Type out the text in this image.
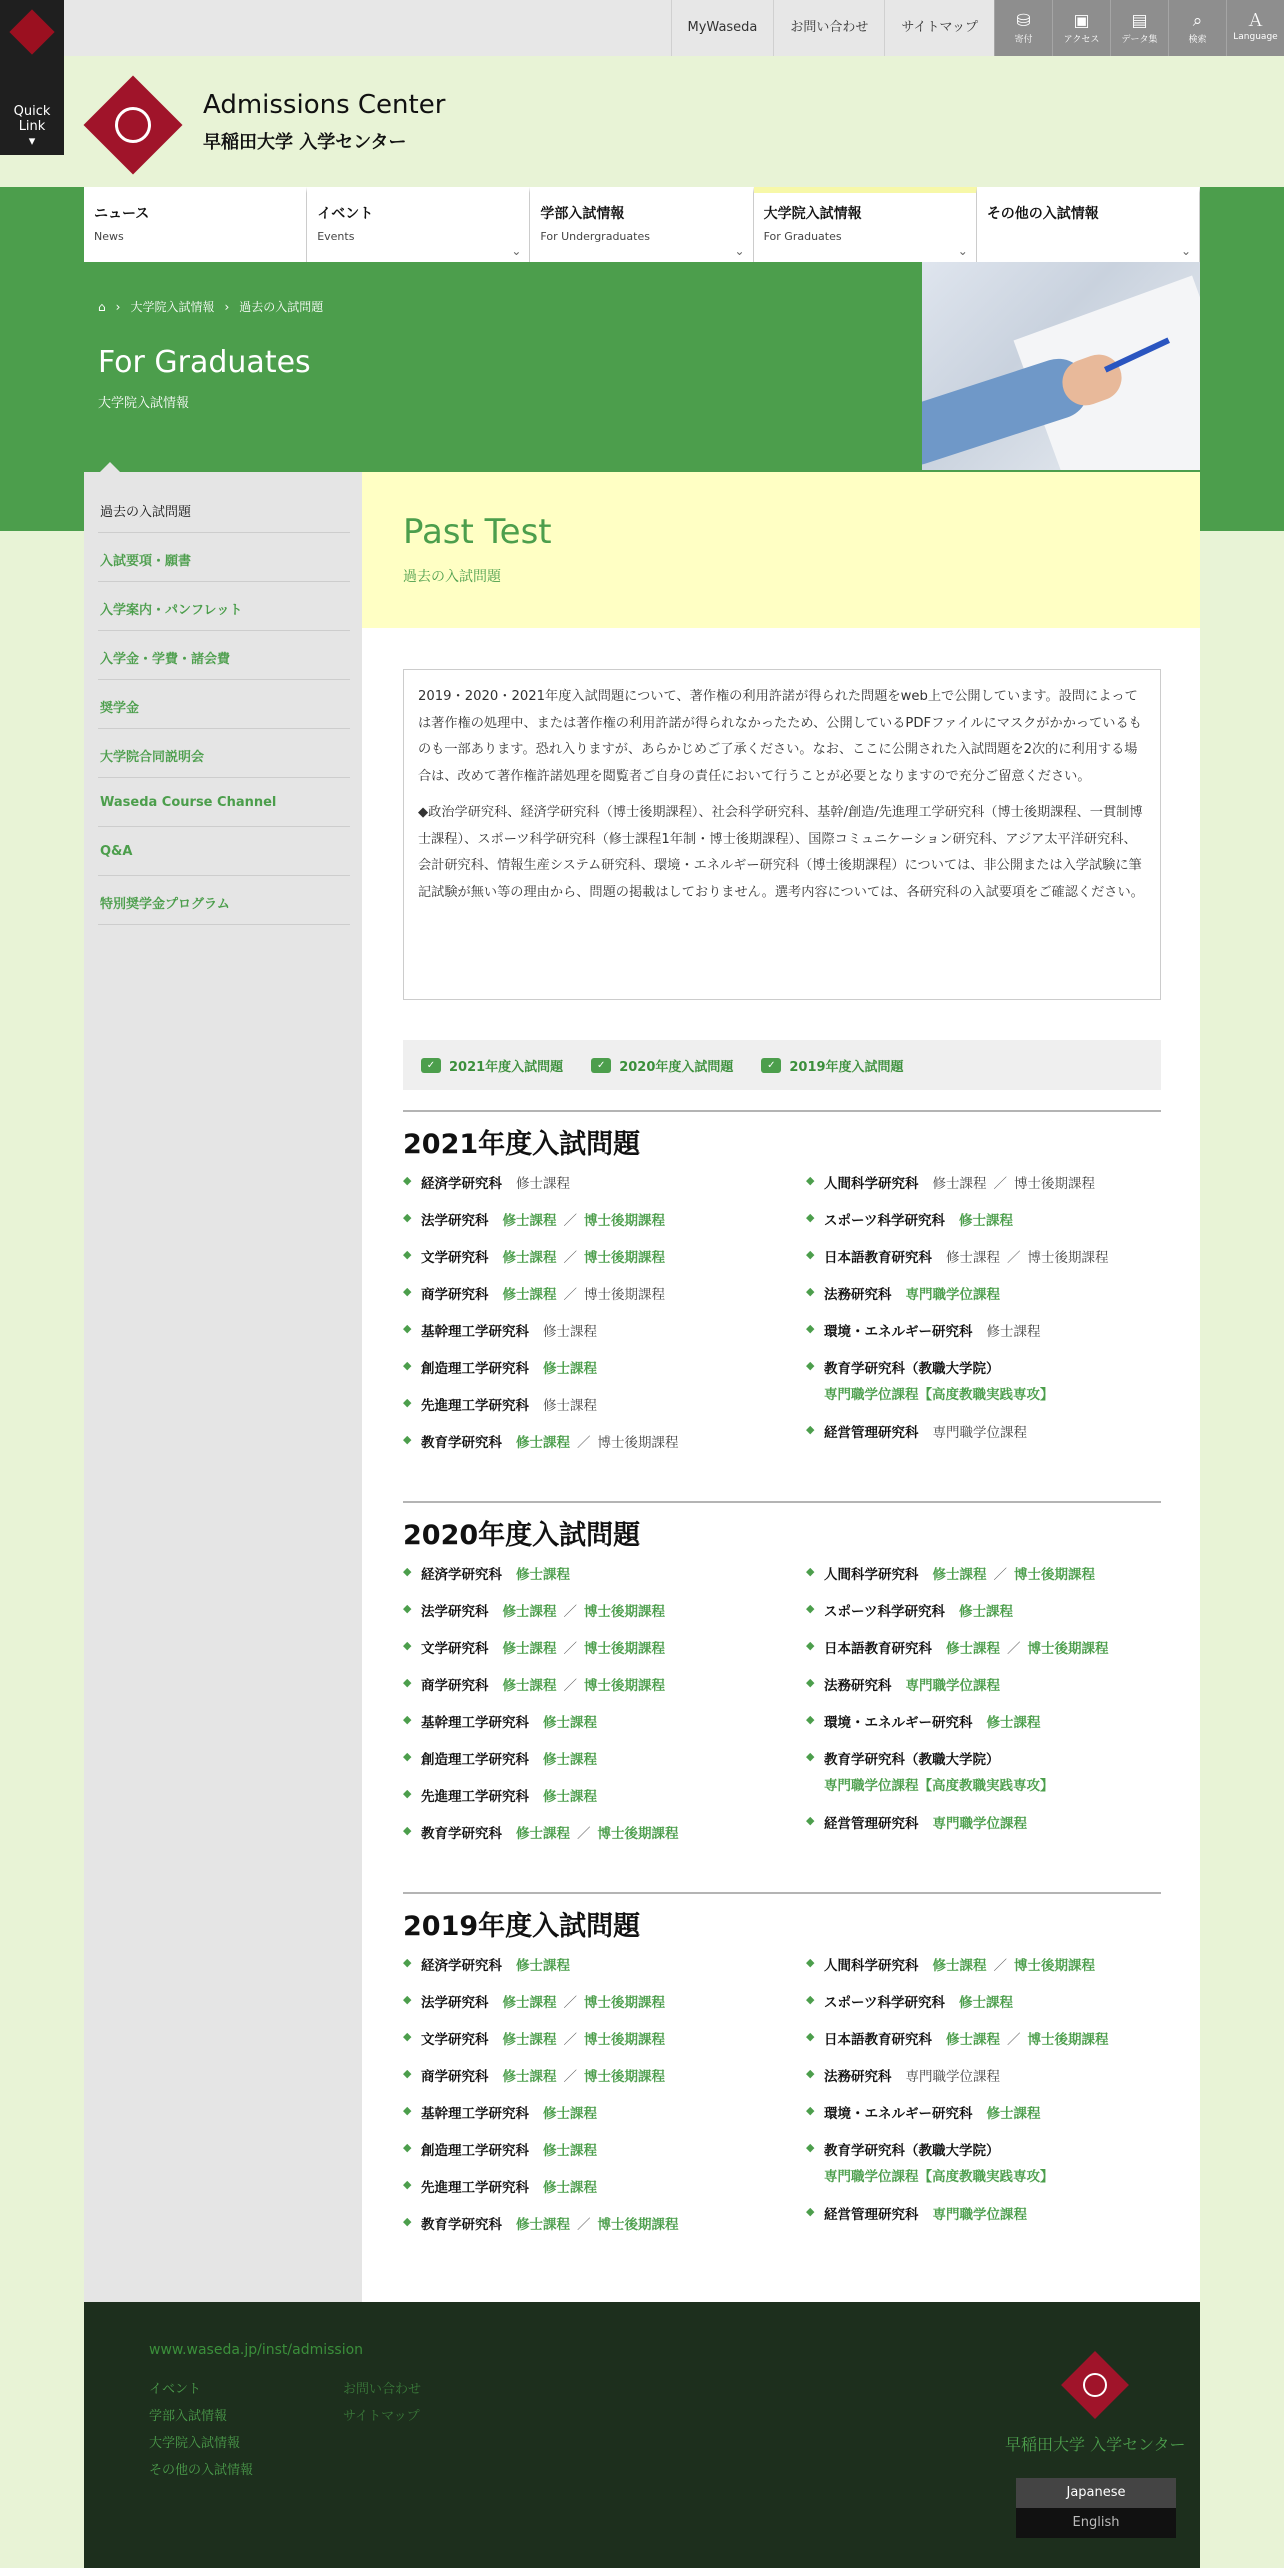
Quick
Link
▾
MyWaseda	お問い合わせ	サイトマップ	⛁
寄付
▣
アクセス
▤
データ集
⌕
検索
Ａ
Language
Admissions Center
早稲田大学 入学センター
ニュース
News
イベント
Events
⌄
学部入試情報
For Undergraduates
⌄
大学院入試情報
For Graduates
⌄
その他の入試情報
⌄
⌂ › 大学院入試情報 › 過去の入試問題
For Graduates
大学院入試情報
過去の入試問題
入試要項・願書
入学案内・パンフレット
入学金・学費・諸会費
奨学金
大学院合同説明会
Waseda Course Channel
Q&A
特別奨学金プログラム
Past Test
過去の入試問題

2019・2020・2021年度入試問題について、著作権の利用許諾が得られた問題をweb上で公開しています。設問によっては著作権の処理中、または著作権の利用許諾が得られなかったため、公開しているPDFファイルにマスクがかかっているものも一部あります。恐れ入りますが、あらかじめご了承ください。なお、ここに公開された入試問題を2次的に利用する場合は、改めて著作権許諾処理を閲覧者ご自身の責任において行うことが必要となりますので充分ご留意ください。

◆政治学研究科、経済学研究科（博士後期課程）、社会科学研究科、基幹/創造/先進理工学研究科（博士後期課程、一貫制博士課程）、スポーツ科学研究科（修士課程1年制・博士後期課程）、国際コミュニケーション研究科、アジア太平洋研究科、会計研究科、情報生産システム研究科、環境・エネルギー研究科（博士後期課程）については、非公開または入学試験に筆記試験が無い等の理由から、問題の掲載はしておりません。選考内容については、各研究科の入試要項をご確認ください。

✓	2021年度入試問題	✓	2020年度入試問題	✓	2019年度入試問題
2021年度入試問題
◆ 経済学研究科 修士課程
◆ 法学研究科 修士課程 ／ 博士後期課程
◆ 文学研究科 修士課程 ／ 博士後期課程
◆ 商学研究科 修士課程 ／ 博士後期課程
◆ 基幹理工学研究科 修士課程
◆ 創造理工学研究科 修士課程
◆ 先進理工学研究科 修士課程
◆ 教育学研究科 修士課程 ／ 博士後期課程
◆ 人間科学研究科 修士課程 ／ 博士後期課程
◆ スポーツ科学研究科 修士課程
◆ 日本語教育研究科 修士課程 ／ 博士後期課程
◆ 法務研究科 専門職学位課程
◆ 環境・エネルギー研究科 修士課程
◆ 教育学研究科（教職大学院）
専門職学位課程【高度教職実践専攻】
◆ 経営管理研究科 専門職学位課程
2020年度入試問題
◆ 経済学研究科 修士課程
◆ 法学研究科 修士課程 ／ 博士後期課程
◆ 文学研究科 修士課程 ／ 博士後期課程
◆ 商学研究科 修士課程 ／ 博士後期課程
◆ 基幹理工学研究科 修士課程
◆ 創造理工学研究科 修士課程
◆ 先進理工学研究科 修士課程
◆ 教育学研究科 修士課程 ／ 博士後期課程
◆ 人間科学研究科 修士課程 ／ 博士後期課程
◆ スポーツ科学研究科 修士課程
◆ 日本語教育研究科 修士課程 ／ 博士後期課程
◆ 法務研究科 専門職学位課程
◆ 環境・エネルギー研究科 修士課程
◆ 教育学研究科（教職大学院）
専門職学位課程【高度教職実践専攻】
◆ 経営管理研究科 専門職学位課程
2019年度入試問題
◆ 経済学研究科 修士課程
◆ 法学研究科 修士課程 ／ 博士後期課程
◆ 文学研究科 修士課程 ／ 博士後期課程
◆ 商学研究科 修士課程 ／ 博士後期課程
◆ 基幹理工学研究科 修士課程
◆ 創造理工学研究科 修士課程
◆ 先進理工学研究科 修士課程
◆ 教育学研究科 修士課程 ／ 博士後期課程
◆ 人間科学研究科 修士課程 ／ 博士後期課程
◆ スポーツ科学研究科 修士課程
◆ 日本語教育研究科 修士課程 ／ 博士後期課程
◆ 法務研究科 専門職学位課程
◆ 環境・エネルギー研究科 修士課程
◆ 教育学研究科（教職大学院）
専門職学位課程【高度教職実践専攻】
◆ 経営管理研究科 専門職学位課程
www.waseda.jp/inst/admission
イベント
学部入試情報
大学院入試情報
その他の入試情報
お問い合わせ
サイトマップ
早稲田大学 入学センター
Japanese
English
